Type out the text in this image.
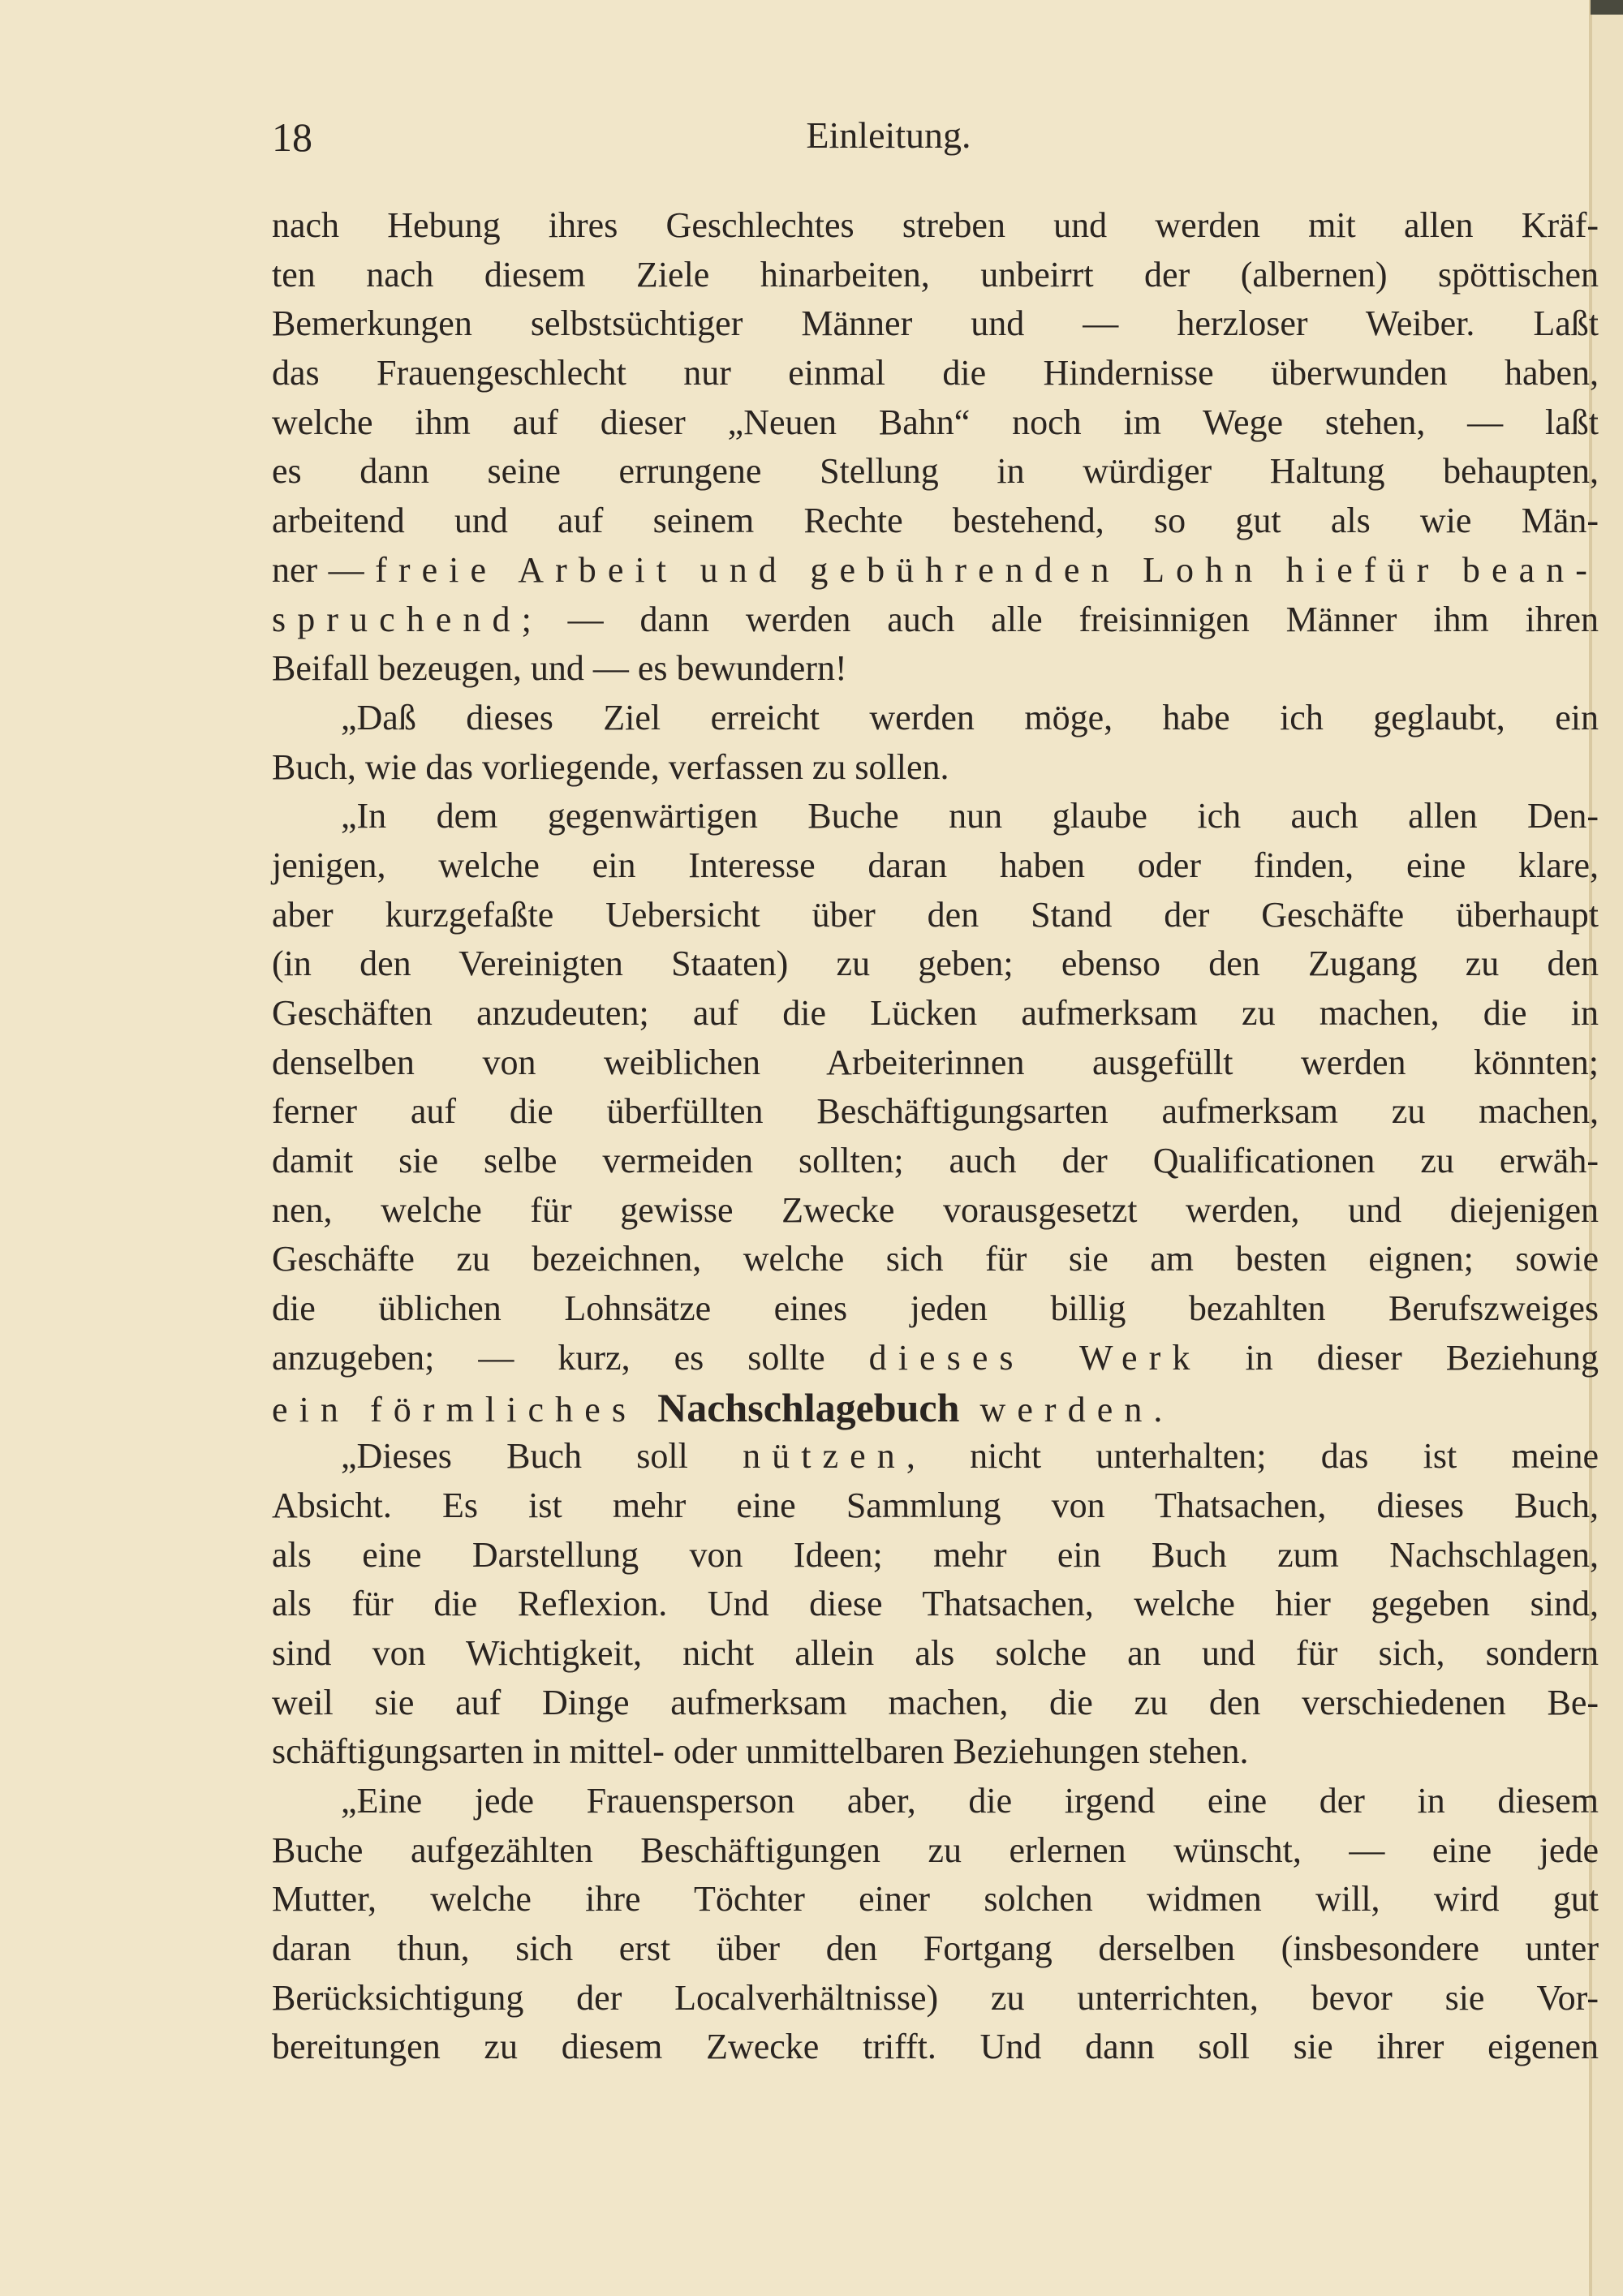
18	Einleitung.
nach Hebung ihres Geschlechtes streben und werden mit allen Kräf-
ten nach diesem Ziele hinarbeiten, unbeirrt der (albernen) spöttischen
Bemerkungen selbstsüchtiger Männer und — herzloser Weiber. Laßt
das Frauengeschlecht nur einmal die Hindernisse überwunden haben,
welche ihm auf dieser „Neuen Bahn“ noch im Wege stehen, — laßt
es dann seine errungene Stellung in würdiger Haltung behaupten,
arbeitend und auf seinem Rechte bestehend, so gut als wie Män-
ner — freie Arbeit und gebührenden Lohn hiefür bean-
spruchend; — dann werden auch alle freisinnigen Männer ihm ihren
Beifall bezeugen, und — es bewundern!
„Daß dieses Ziel erreicht werden möge, habe ich geglaubt, ein
Buch, wie das vorliegende, verfassen zu sollen.
„In dem gegenwärtigen Buche nun glaube ich auch allen Den-
jenigen, welche ein Interesse daran haben oder finden, eine klare,
aber kurzgefaßte Uebersicht über den Stand der Geschäfte überhaupt
(in den Vereinigten Staaten) zu geben; ebenso den Zugang zu den
Geschäften anzudeuten; auf die Lücken aufmerksam zu machen, die in
denselben von weiblichen Arbeiterinnen ausgefüllt werden könnten;
ferner auf die überfüllten Beschäftigungsarten aufmerksam zu machen,
damit sie selbe vermeiden sollten; auch der Qualificationen zu erwäh-
nen, welche für gewisse Zwecke vorausgesetzt werden, und diejenigen
Geschäfte zu bezeichnen, welche sich für sie am besten eignen; sowie
die üblichen Lohnsätze eines jeden billig bezahlten Berufszweiges
anzugeben; — kurz, es sollte dieses Werk in dieser Beziehung
ein förmliches Nachschlagebuch werden.
„Dieses Buch soll nützen, nicht unterhalten; das ist meine
Absicht. Es ist mehr eine Sammlung von Thatsachen, dieses Buch,
als eine Darstellung von Ideen; mehr ein Buch zum Nachschlagen,
als für die Reflexion. Und diese Thatsachen, welche hier gegeben sind,
sind von Wichtigkeit, nicht allein als solche an und für sich, sondern
weil sie auf Dinge aufmerksam machen, die zu den verschiedenen Be-
schäftigungsarten in mittel- oder unmittelbaren Beziehungen stehen.
„Eine jede Frauensperson aber, die irgend eine der in diesem
Buche aufgezählten Beschäftigungen zu erlernen wünscht, — eine jede
Mutter, welche ihre Töchter einer solchen widmen will, wird gut
daran thun, sich erst über den Fortgang derselben (insbesondere unter
Berücksichtigung der Localverhältnisse) zu unterrichten, bevor sie Vor-
bereitungen zu diesem Zwecke trifft. Und dann soll sie ihrer eigenen
